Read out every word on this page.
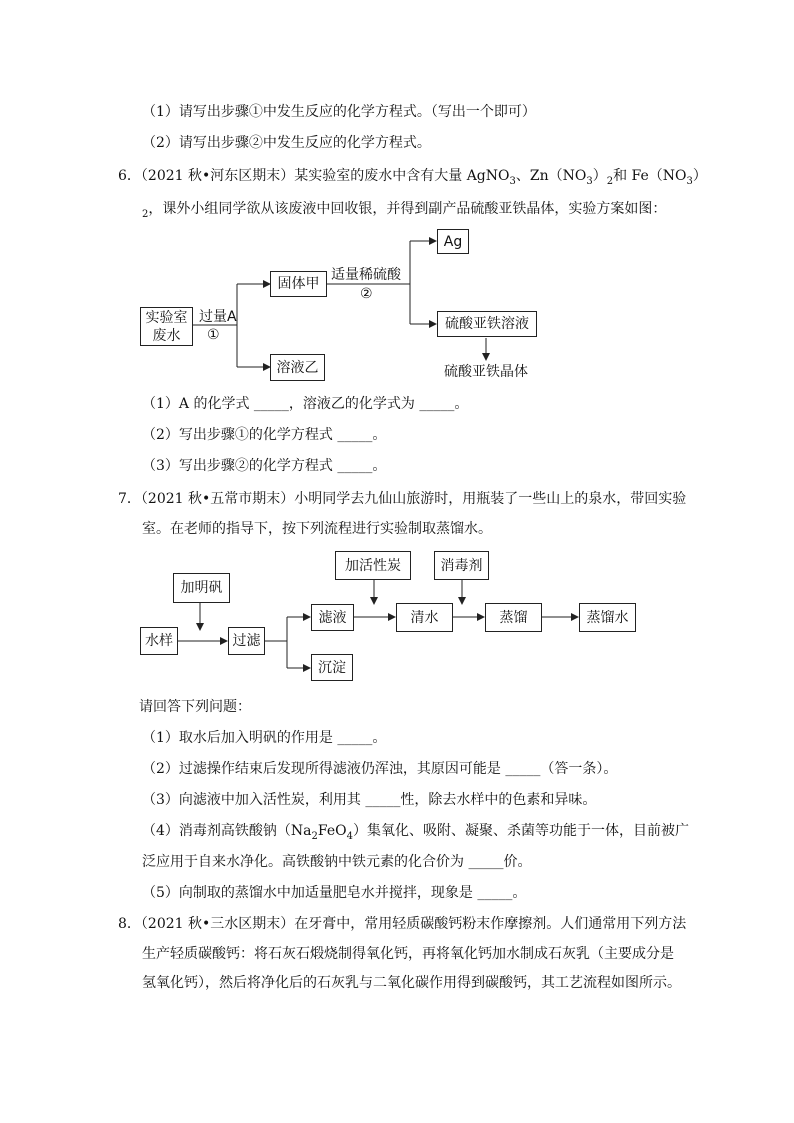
（1）请写出步骤①中发生反应的化学方程式。（写出一个即可）
（2）请写出步骤②中发生反应的化学方程式。
6．（2021 秋•河东区期末）某实验室的废水中含有大量 AgNO$_3$、$Zn(NO_3)_2$和 $Fe(NO_3)$
$_2$，课外小组同学欲从该废液中回收银，并得到副产品硫酸亚铁晶体，实验方案如图：
Ag
固体甲
适量稀硫酸
②
实验室
废水
过量A
①
硫酸亚铁溶液
溶液乙	硫酸亚铁晶体
（1）A 的化学式 _____，溶液乙的化学式为 _____。
（2）写出步骤①的化学方程式 _____。
（3）写出步骤②的化学方程式 _____。
7．（2021 秋•五常市期末）小明同学去九仙山旅游时，用瓶装了一些山上的泉水，带回实验
室。在老师的指导下，按下列流程进行实验制取蒸馏水。
加活性炭	消毒剂
加明矾
水样	过滤
滤液	清水	蒸馏	蒸馏水
沉淀
请回答下列问题：
（1）取水后加入明矾的作用是 _____。
（2）过滤操作结束后发现所得滤液仍浑浊，其原因可能是 _____（答一条）。
（3）向滤液中加入活性炭，利用其 _____性，除去水样中的色素和异味。
（4）消毒剂高铁酸钠$(Na_2FeO_4)$集氧化、吸附、凝聚、杀菌等功能于一体，目前被广
泛应用于自来水净化。高铁酸钠中铁元素的化合价为 _____价。
（5）向制取的蒸馏水中加适量肥皂水并搅拌，现象是 _____。
8．（2021 秋•三水区期末）在牙膏中，常用轻质碳酸钙粉末作摩擦剂。人们通常用下列方法
生产轻质碳酸钙：将石灰石煅烧制得氧化钙，再将氧化钙加水制成石灰乳（主要成分是
氢氧化钙），然后将净化后的石灰乳与二氧化碳作用得到碳酸钙，其工艺流程如图所示。
